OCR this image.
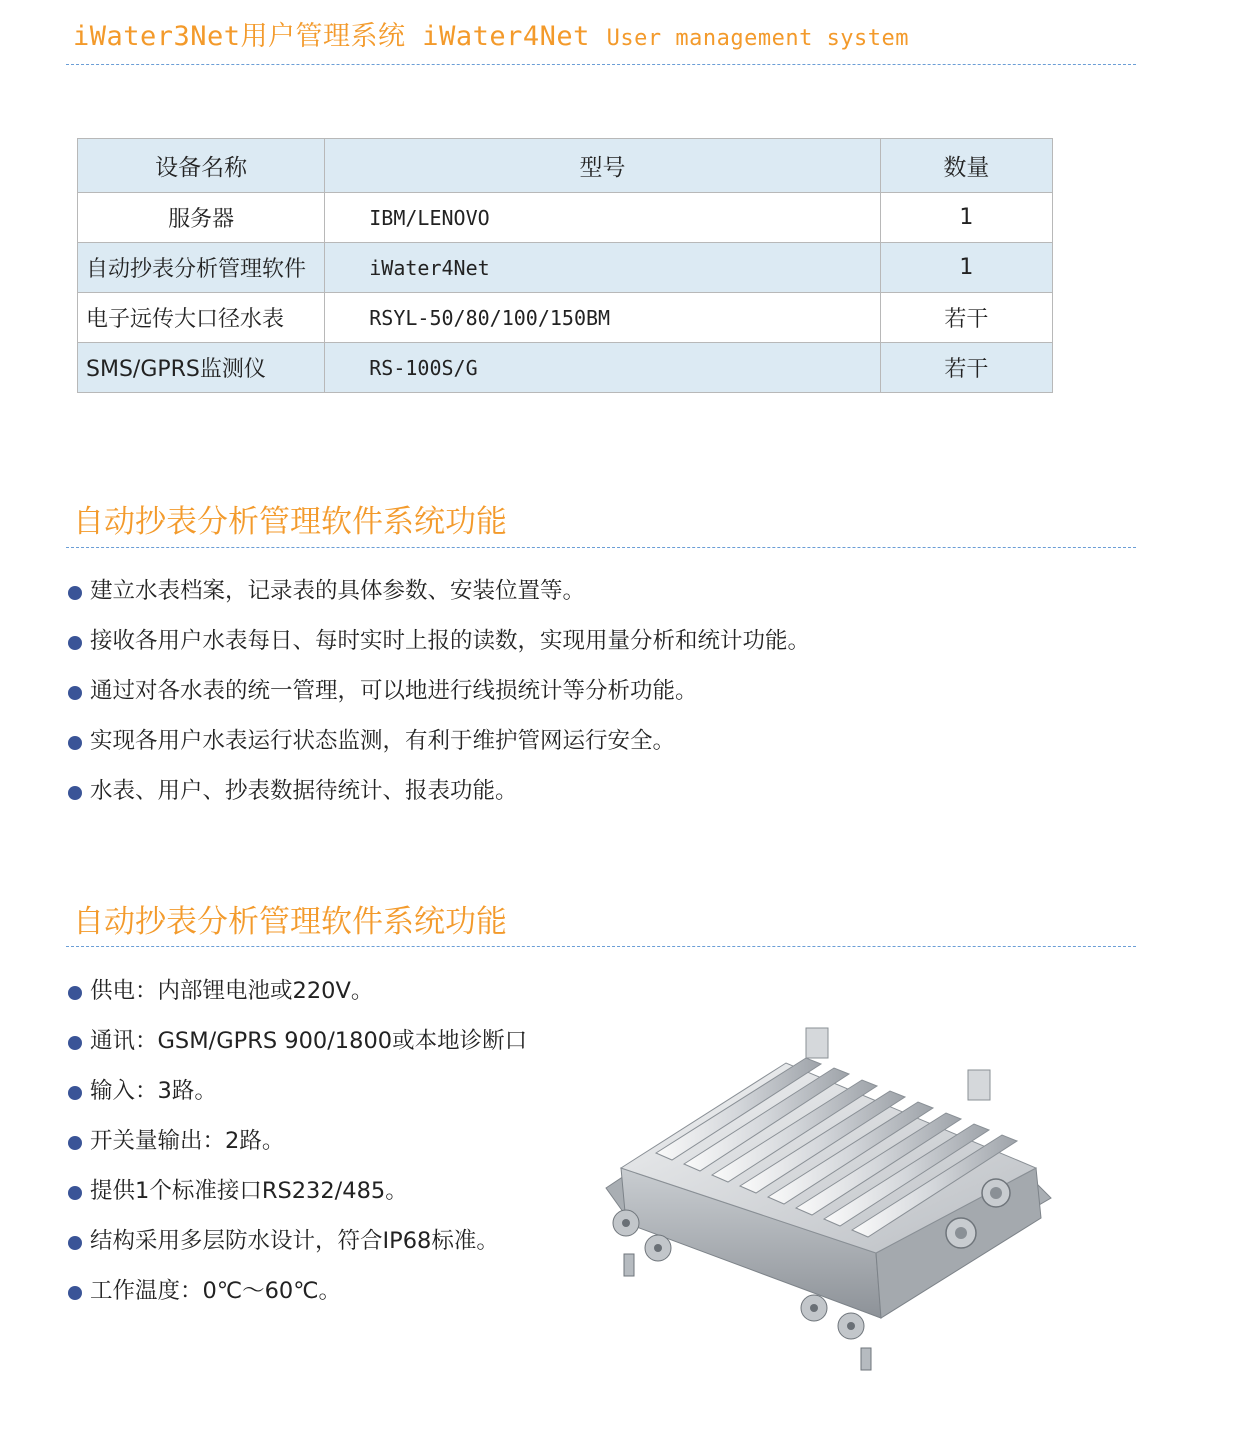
iWater3Net用户管理系统 iWater4Net User management system
设备名称	型号	数量
服务器	IBM/LENOVO	1
自动抄表分析管理软件	iWater4Net	1
电子远传大口径水表	RSYL-50/80/100/150BM	若干
SMS/GPRS监测仪	RS-100S/G	若干
自动抄表分析管理软件系统功能
建立水表档案，记录表的具体参数、安装位置等。
接收各用户水表每日、每时实时上报的读数，实现用量分析和统计功能。
通过对各水表的统一管理，可以地进行线损统计等分析功能。
实现各用户水表运行状态监测，有利于维护管网运行安全。
水表、用户、抄表数据待统计、报表功能。
自动抄表分析管理软件系统功能
供电：内部锂电池或220V。
通讯：GSM/GPRS 900/1800或本地诊断口
输入：3路。
开关量输出：2路。
提供1个标准接口RS232/485。
结构采用多层防水设计，符合IP68标准。
工作温度：0℃～60℃。
